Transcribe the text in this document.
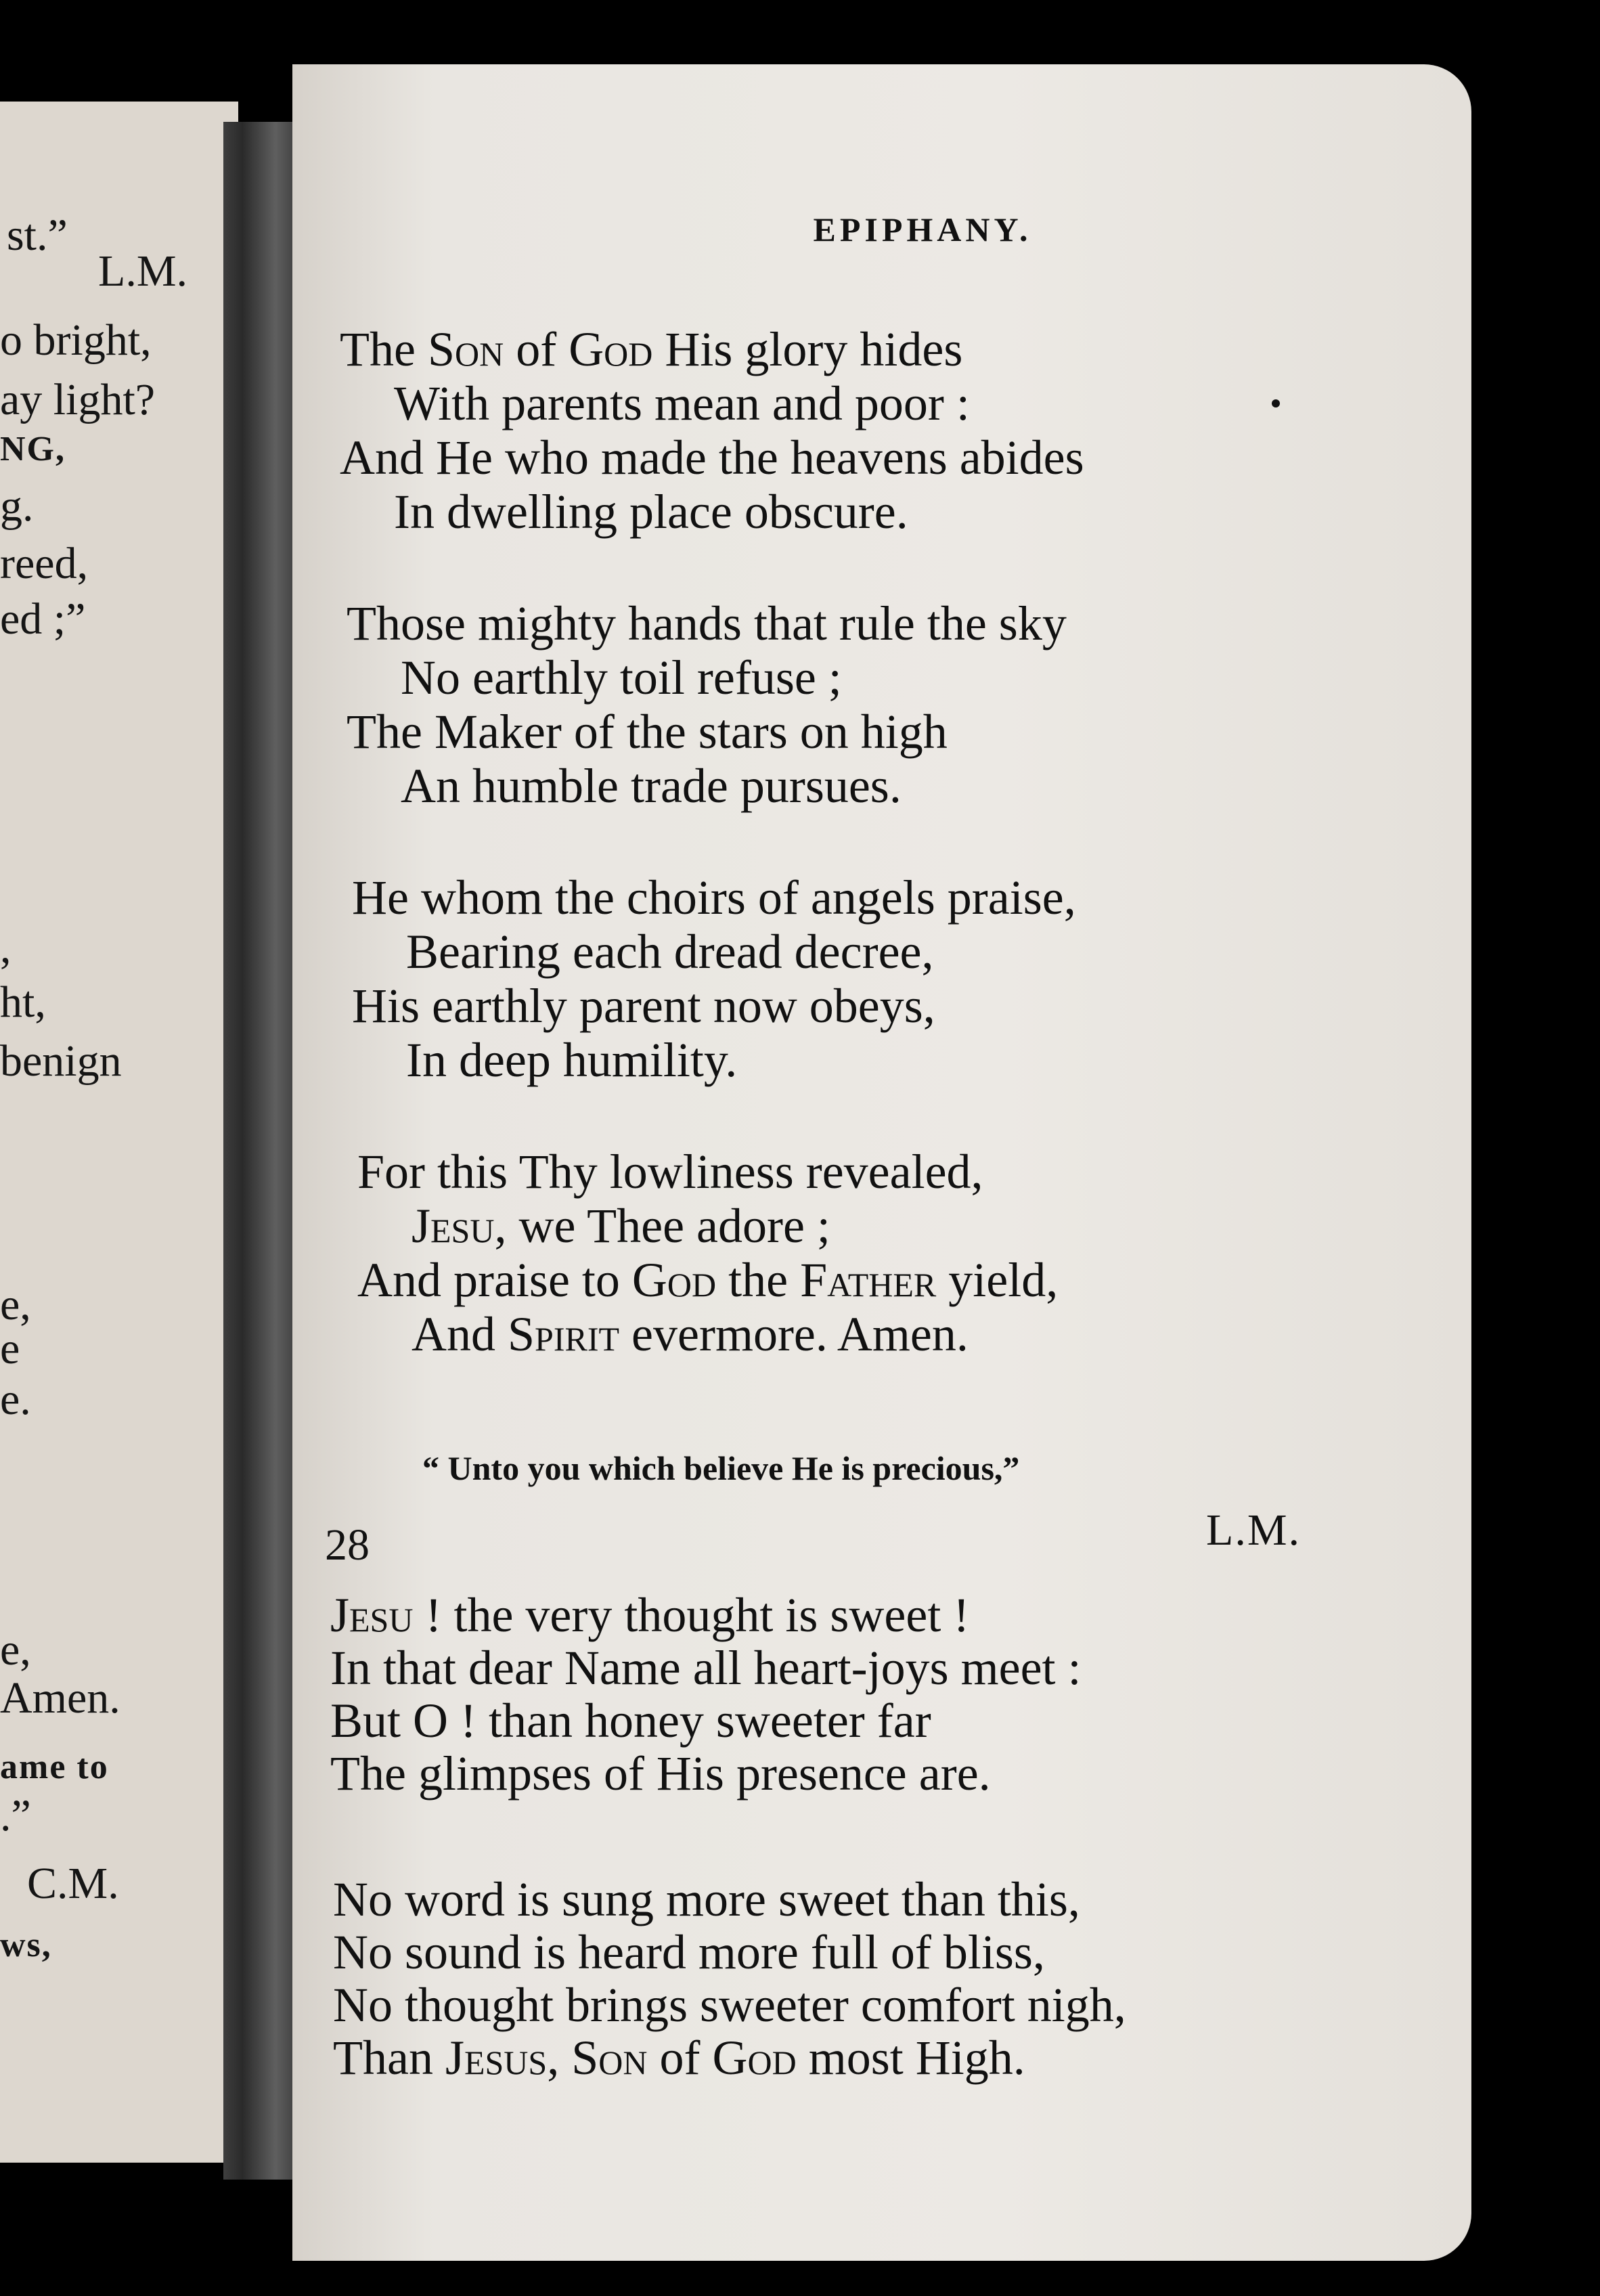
st.”
L.M.
o bright,
ay light?
NG,
g.
reed,
ed ;”
,
ht,
benign
e,
e
e.
e,
Amen.
ame to
.”
C.M.
ws,
EPIPHANY.
“ Unto you which believe He is precious,”
28	L.M.
The Son of God His glory hides
With parents mean and poor :
And He who made the heavens abides
In dwelling place obscure.
Those mighty hands that rule the sky
No earthly toil refuse ;
The Maker of the stars on high
An humble trade pursues.
He whom the choirs of angels praise,
Bearing each dread decree,
His earthly parent now obeys,
In deep humility.
For this Thy lowliness revealed,
Jesu, we Thee adore ;
And praise to God the Father yield,
And Spirit evermore. Amen.
Jesu ! the very thought is sweet !
In that dear Name all heart-joys meet :
But O ! than honey sweeter far
The glimpses of His presence are.
No word is sung more sweet than this,
No sound is heard more full of bliss,
No thought brings sweeter comfort nigh,
Than Jesus, Son of God most High.
